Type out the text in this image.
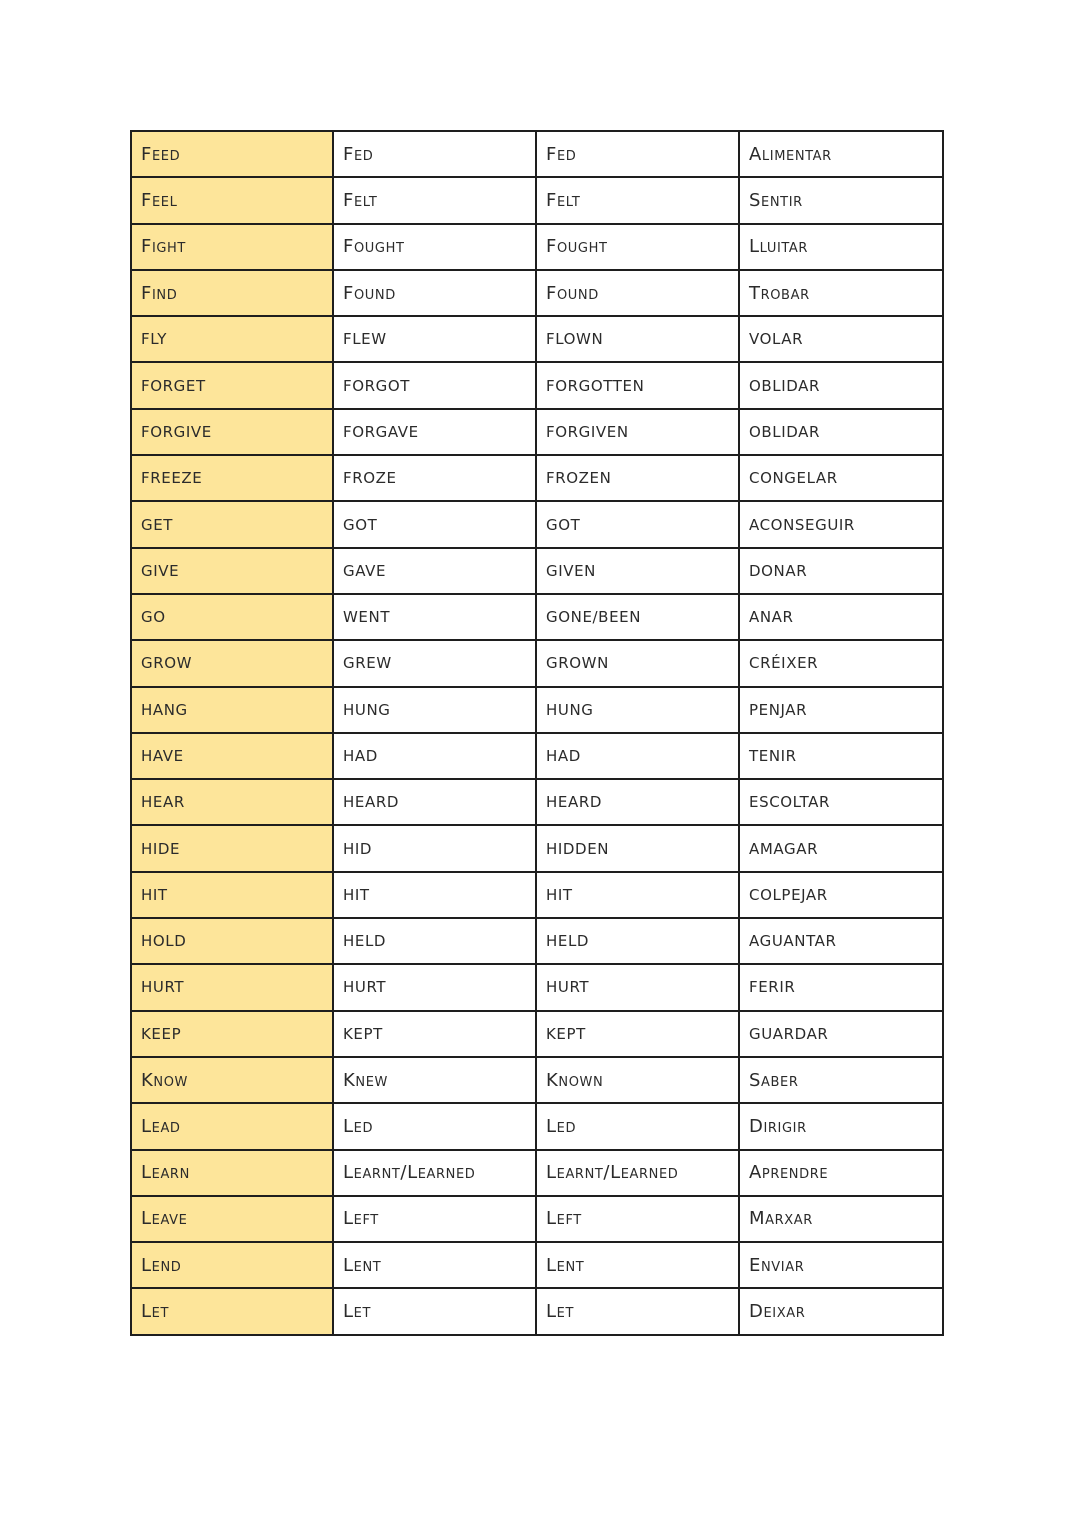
Feed	Fed	Fed	Alimentar
Feel	Felt	Felt	Sentir
Fight	Fought	Fought	Lluitar
Find	Found	Found	Trobar
FLY	FLEW	FLOWN	VOLAR
FORGET	FORGOT	FORGOTTEN	OBLIDAR
FORGIVE	FORGAVE	FORGIVEN	OBLIDAR
FREEZE	FROZE	FROZEN	CONGELAR
GET	GOT	GOT	ACONSEGUIR
GIVE	GAVE	GIVEN	DONAR
GO	WENT	GONE/BEEN	ANAR
GROW	GREW	GROWN	CRÉIXER
HANG	HUNG	HUNG	PENJAR
HAVE	HAD	HAD	TENIR
HEAR	HEARD	HEARD	ESCOLTAR
HIDE	HID	HIDDEN	AMAGAR
HIT	HIT	HIT	COLPEJAR
HOLD	HELD	HELD	AGUANTAR
HURT	HURT	HURT	FERIR
KEEP	KEPT	KEPT	GUARDAR
Know	Knew	Known	Saber
Lead	Led	Led	Dirigir
Learn	Learnt/Learned	Learnt/Learned	Aprendre
Leave	Left	Left	Marxar
Lend	Lent	Lent	Enviar
Let	Let	Let	Deixar
